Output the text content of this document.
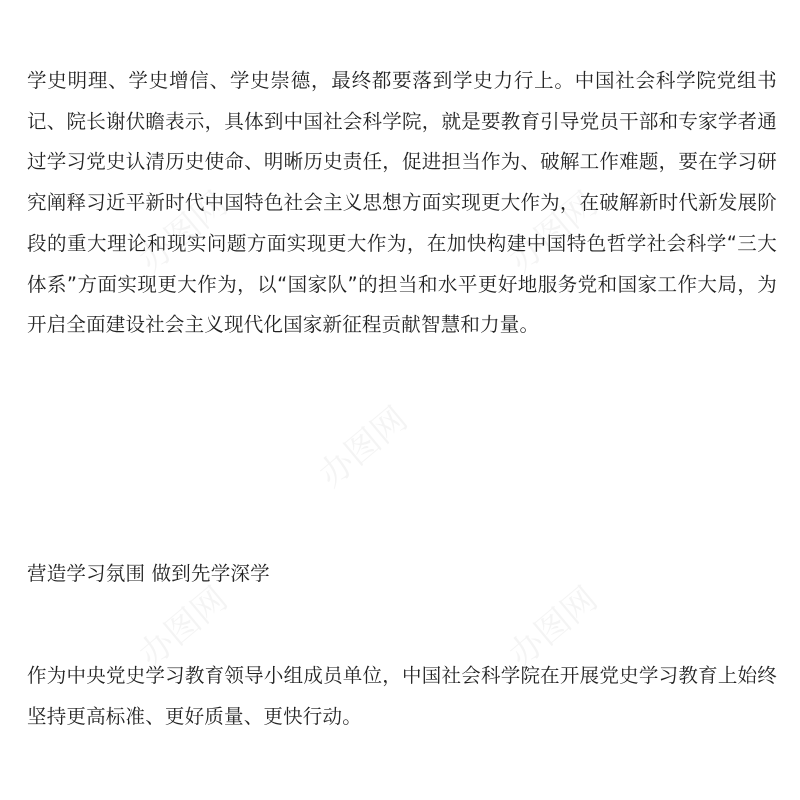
办图网	办图网
办图网
办图网	办图网

学史明理、学史增信、学史崇德，最终都要落到学史力行上。中国社会科学院党组书记、院长谢伏瞻表示，具体到中国社会科学院，就是要教育引导党员干部和专家学者通过学习党史认清历史使命、明晰历史责任，促进担当作为、破解工作难题，要在学习研究阐释习近平新时代中国特色社会主义思想方面实现更大作为，在破解新时代新发展阶段的重大理论和现实问题方面实现更大作为，在加快构建中国特色哲学社会科学“三大体系”方面实现更大作为，以“国家队”的担当和水平更好地服务党和国家工作大局，为开启全面建设社会主义现代化国家新征程贡献智慧和力量。

营造学习氛围 做到先学深学

作为中央党史学习教育领导小组成员单位，中国社会科学院在开展党史学习教育上始终坚持更高标准、更好质量、更快行动。
